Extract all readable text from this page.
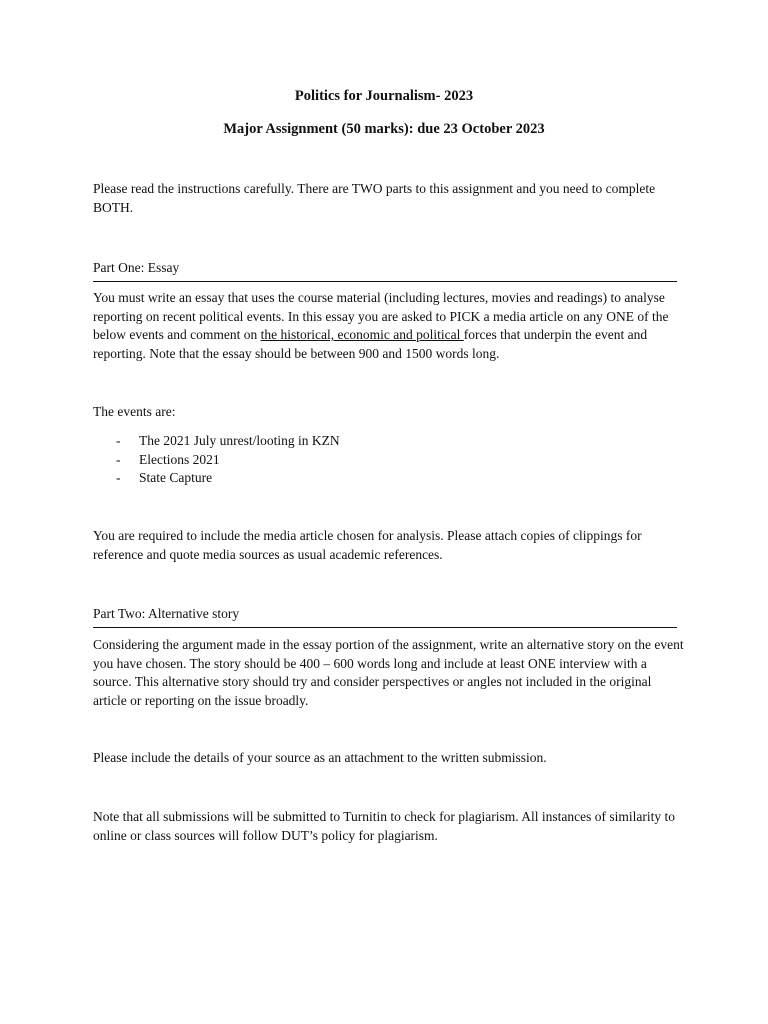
Politics for Journalism- 2023
Major Assignment (50 marks): due 23 October 2023

Please read the instructions carefully. There are TWO parts to this assignment and you need to complete BOTH.

Part One: Essay

You must write an essay that uses the course material (including lectures, movies and readings) to analyse reporting on recent political events. In this essay you are asked to PICK a media article on any ONE of the below events and comment on the historical, economic and political forces that underpin the event and reporting. Note that the essay should be between 900 and 1500 words long.

The events are:

- The 2021 July unrest/looting in KZN
- Elections 2021
- State Capture

You are required to include the media article chosen for analysis. Please attach copies of clippings for reference and quote media sources as usual academic references.

Part Two: Alternative story

Considering the argument made in the essay portion of the assignment, write an alternative story on the event you have chosen. The story should be 400 – 600 words long and include at least ONE interview with a source. This alternative story should try and consider perspectives or angles not included in the original article or reporting on the issue broadly.

Please include the details of your source as an attachment to the written submission.

Note that all submissions will be submitted to Turnitin to check for plagiarism. All instances of similarity to online or class sources will follow DUT’s policy for plagiarism.
